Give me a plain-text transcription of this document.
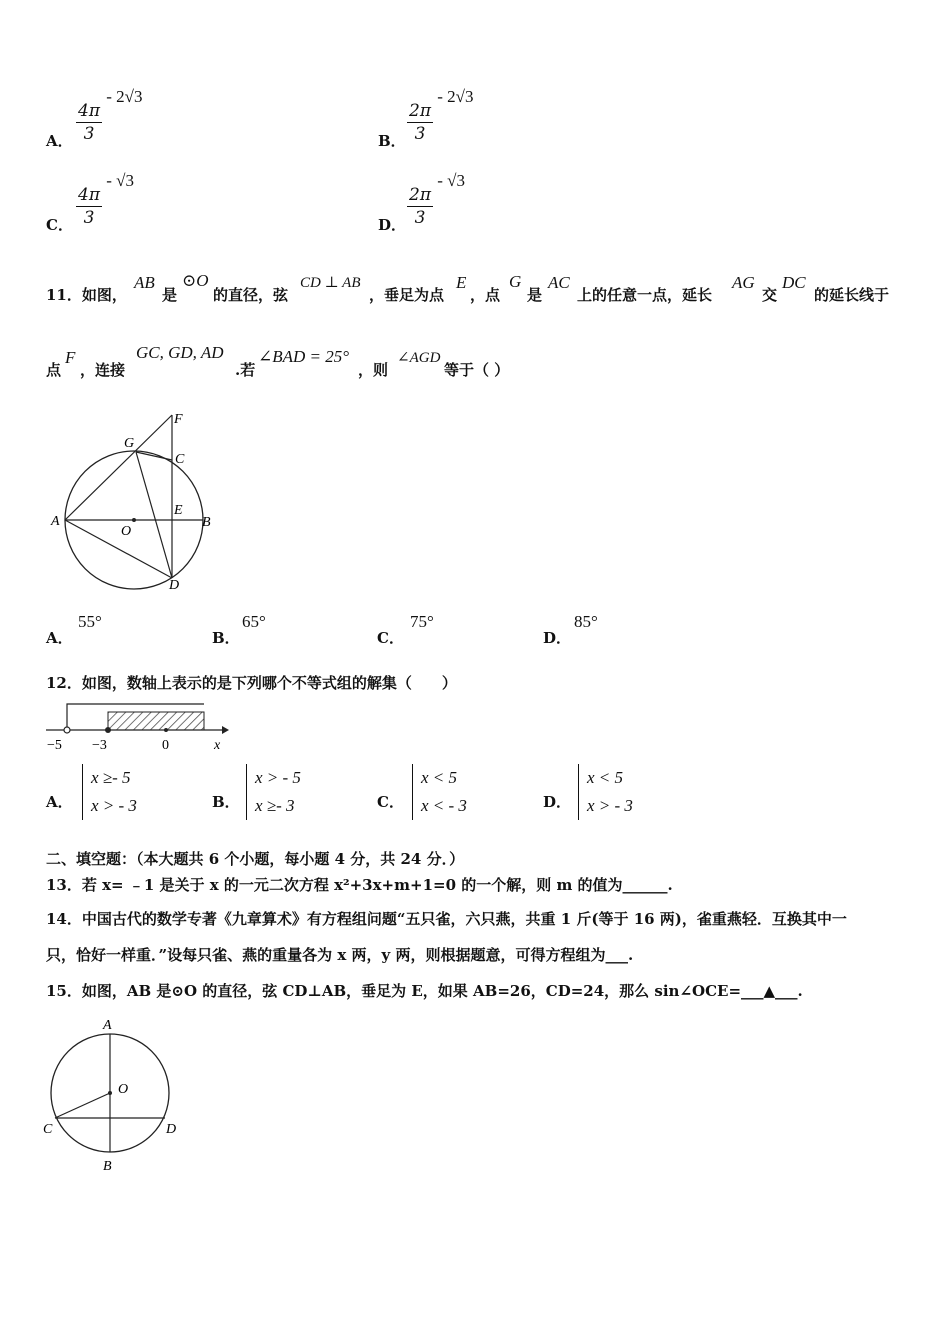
A． $\frac{4\pi}{3}$
- 2√3
B． $\frac{2\pi}{3}$
- 2√3
C． $\frac{4\pi}{3}$
- √3
D． $\frac{2\pi}{3}$
- √3
11．如图，
AB
是
⊙O
的直径，弦
CD ⊥ AB
，垂足为点
E
，点
G
是
AC
上的任意一点，延长
AG
交
DC
的延长线于
点
F
，连接
GC, GD, AD
.若
∠BAD = 25°
，则
∠AGD
等于（ ）
F
G
C
A
O
E
B
D
A．
55°
B．
65°
C．
75°
D．
85°
12．如图，数轴上表示的是下列哪个不等式组的解集（　　）
−5 −3	0	x
A．
x ≥- 5
x > - 3	B．
x > - 5
x ≥- 3	C．
x < 5
x < - 3	D．
x < 5
x > - 3
二、填空题：（本大题共 6 个小题，每小题 4 分，共 24 分．）
13．若 x= ﹣1 是关于 x 的一元二次方程 x²+3x+m+1=0 的一个解，则 m 的值为______.
14．中国古代的数学专著《九章算术》有方程组问题“五只雀，六只燕，共重 1 斤(等于 16 两)，雀重燕轻．互换其中一
只，恰好一样重．”设每只雀、燕的重量各为 x 两，y 两，则根据题意，可得方程组为___.
15．如图，AB 是⊙O 的直径，弦 CD⊥AB，垂足为 E，如果 AB=26，CD=24，那么 sin∠OCE=___▲___.
A
O
C	D
B
